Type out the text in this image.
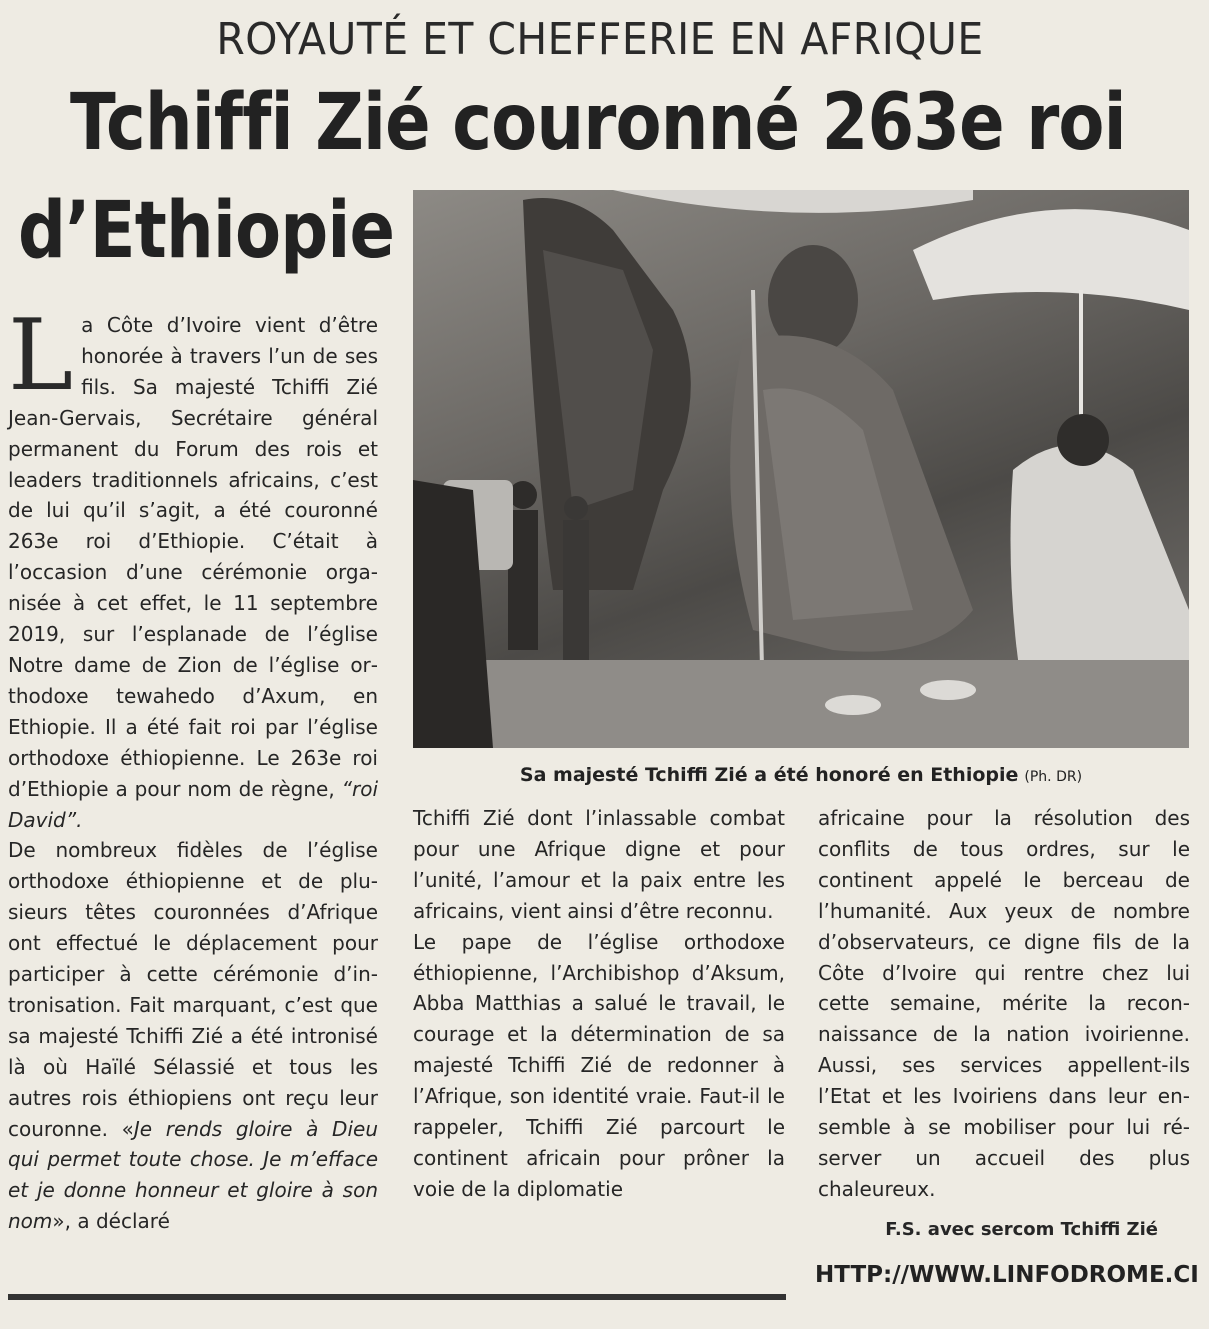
ROYAUTÉ ET CHEFFERIE EN AFRIQUE
Tchiffi Zié couronné 263e roi
d’Ethiopie
Sa majesté Tchiffi Zié a été honoré en Ethiopie (Ph. DR)

La Côte d’Ivoire vient d’être honorée à travers l’un de ses fils. Sa majesté Tchiffi Zié Jean-Gervais, Secrétaire général permanent du Forum des rois et leaders traditionnels africains, c’est de lui qu’il s’agit, a été couronné 263e roi d’Ethiopie. C’était à l’occasion d’une cérémonie organisée à cet effet, le 11 septembre 2019, sur l’esplanade de l’église Notre dame de Zion de l’église orthodoxe tewahedo d’Axum, en Ethiopie. Il a été fait roi par l’église orthodoxe éthiopienne. Le 263e roi d’Ethiopie a pour nom de règne, “roi David”.

De nombreux fidèles de l’église orthodoxe éthiopienne et de plusieurs têtes couronnées d’Afrique ont effectué le déplacement pour participer à cette cérémonie d’intronisation. Fait marquant, c’est que sa majesté Tchiffi Zié a été intronisé là où Haïlé Sélassié et tous les autres rois éthiopiens ont reçu leur couronne. «Je rends gloire à Dieu qui permet toute chose. Je m’efface et je donne honneur et gloire à son nom», a déclaré

Tchiffi Zié dont l’inlassable combat pour une Afrique digne et pour l’unité, l’amour et la paix entre les africains, vient ainsi d’être reconnu.

Le pape de l’église orthodoxe éthiopienne, l’Archibishop d’Aksum, Abba Matthias a salué le travail, le courage et la détermination de sa majesté Tchiffi Zié de redonner à l’Afrique, son identité vraie. Faut-il le rappeler, Tchiffi Zié parcourt le continent africain pour prôner la voie de la diplomatie

africaine pour la résolution des conflits de tous ordres, sur le continent appelé le berceau de l’humanité. Aux yeux de nombre d’observateurs, ce digne fils de la Côte d’Ivoire qui rentre chez lui cette semaine, mérite la reconnaissance de la nation ivoirienne. Aussi, ses services appellent-ils l’Etat et les Ivoiriens dans leur ensemble à se mobiliser pour lui réserver un accueil des plus chaleureux.

F.S. avec sercom Tchiffi Zié
HTTP://WWW.LINFODROME.CI
